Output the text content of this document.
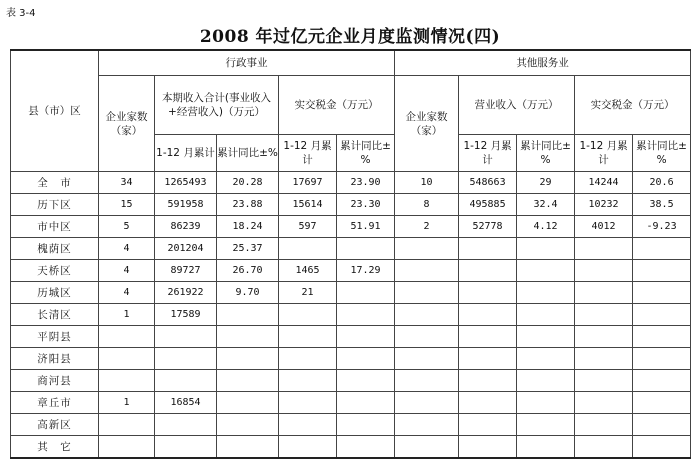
表 3-4
2008 年过亿元企业月度监测情况(四)
县（市）区	行政事业					其他服务业				
	企业家数（家）	本期收入合计(事业收入+经营收入)（万元）		实交税金（万元）		企业家数（家）	营业收入（万元）		实交税金（万元）	
		1-12 月累计	累计同比±%	1-12 月累计	累计同比±%		1-12 月累计	累计同比±%	1-12 月累计	累计同比±%
全　市	34	1265493	20.28	17697	23.90	10	548663	29	14244	20.6
历下区	15	591958	23.88	15614	23.30	8	495885	32.4	10232	38.5
市中区	5	86239	18.24	597	51.91	2	52778	4.12	4012	-9.23
槐荫区	4	201204	25.37							
天桥区	4	89727	26.70	1465	17.29					
历城区	4	261922	9.70	21						
长清区	1	17589								
平阴县										
济阳县										
商河县										
章丘市	1	16854								
高新区										
其　它										
